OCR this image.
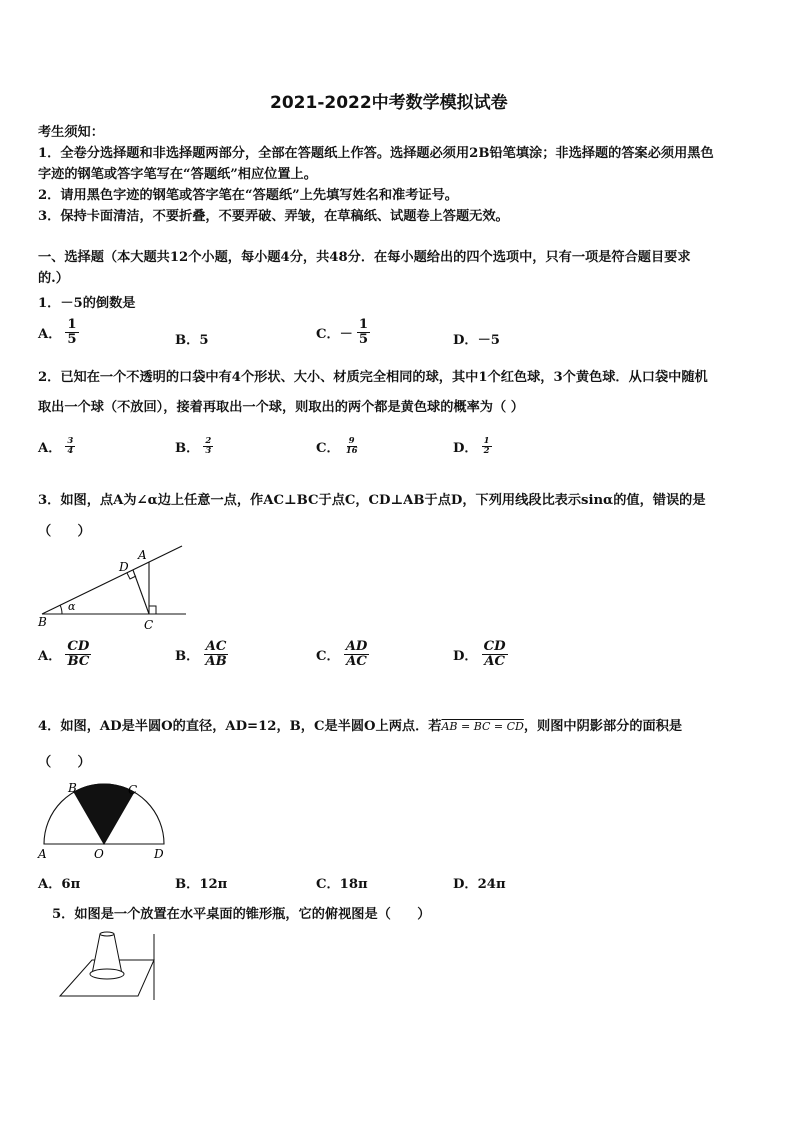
2021-2022中考数学模拟试卷
考生须知：
1．全卷分选择题和非选择题两部分，全部在答题纸上作答。选择题必须用2B铅笔填涂；非选择题的答案必须用黑色
字迹的钢笔或答字笔写在“答题纸”相应位置上。
2．请用黑色字迹的钢笔或答字笔在“答题纸”上先填写姓名和准考证号。
3．保持卡面清洁，不要折叠，不要弄破、弄皱，在草稿纸、试题卷上答题无效。
一、选择题（本大题共12个小题，每小题4分，共48分．在每小题给出的四个选项中，只有一项是符合题目要求
的.）
1．－5的倒数是
A． $\frac{1}{5}$	B．5	C．－ $\frac{1}{5}$	D．－5
2．已知在一个不透明的口袋中有4个形状、大小、材质完全相同的球，其中1个红色球，3个黄色球．从口袋中随机
取出一个球（不放回），接着再取出一个球，则取出的两个都是黄色球的概率为（ ）
A． $\frac{3}{4}$	B． $\frac{2}{3}$	C． $\frac{9}{16}$	D． $\frac{1}{2}$
3．如图，点A为∠α边上任意一点，作AC⊥BC于点C，CD⊥AB于点D，下列用线段比表示sinα的值，错误的是
（　　）
A
D
B	C
α
A． $\frac{CD}{BC}$	B． $\frac{AC}{AB}$	C． $\frac{AD}{AC}$	D． $\frac{CD}{AC}$
4．如图，AD是半圆O的直径，AD=12，B，C是半圆O上两点．若AB = BC = CD，则图中阴影部分的面积是
（　　）
B	C
A	O	D
A．6π	B．12π	C．18π	D．24π
5．如图是一个放置在水平桌面的锥形瓶，它的俯视图是（　　）
